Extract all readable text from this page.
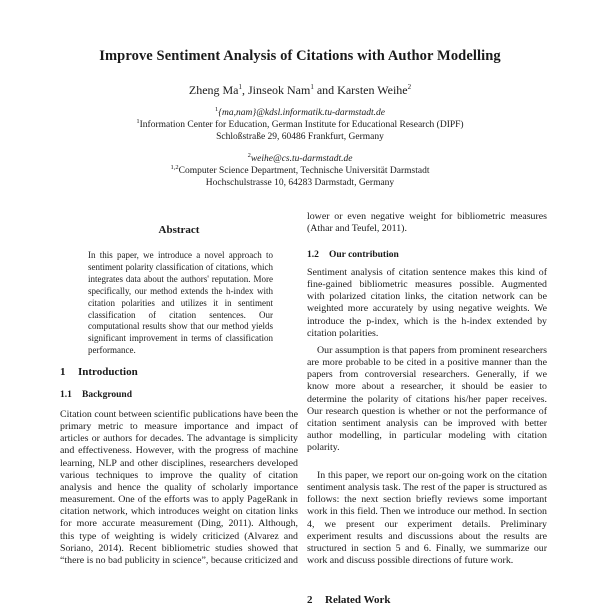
Improve Sentiment Analysis of Citations with Author Modelling
Zheng Ma$^1$, Jinseok Nam$^1$ and Karsten Weihe$^2$
$^1${ma,nam}@kdsl.informatik.tu-darmstadt.de
$^1$Information Center for Education, German Institute for Educational Research (DIPF)
Schloßstraße 29, 60486 Frankfurt, Germany
$^2$weihe@cs.tu-darmstadt.de
$^{1,2}$Computer Science Department, Technische Universität Darmstadt
Hochschulstrasse 10, 64283 Darmstadt, Germany
Abstract
In this paper, we introduce a novel approach to sentiment polarity classification of citations, which integrates data about the authors' reputation. More specifically, our method extends the h-index with citation polarities and utilizes it in sentiment classification of citation sentences. Our computational results show that our method yields significant improvement in terms of classification performance.
1 Introduction
1.1 Background
Citation count between scientific publications have been the primary metric to measure importance and impact of articles or authors for decades. The advantage is simplicity and effectiveness. However, with the progress of machine learning, NLP and other disciplines, researchers developed various techniques to improve the quality of citation analysis and hence the quality of scholarly importance measurement. One of the efforts was to apply PageRank in citation network, which introduces weight on citation links for more accurate measurement (Ding, 2011). Although, this type of weighting is widely criticized (Alvarez and Soriano, 2014). Recent bibliometric studies showed that “there is no bad publicity in science”, because criticized and
lower or even negative weight for bibliometric measures (Athar and Teufel, 2011).
1.2 Our contribution
Sentiment analysis of citation sentence makes this kind of fine-gained bibliometric measures possible. Augmented with polarized citation links, the citation network can be weighted more accurately by using negative weights. We introduce the p-index, which is the h-index extended by citation polarities.
Our assumption is that papers from prominent researchers are more probable to be cited in a positive manner than the papers from controversial researchers. Generally, if we know more about a researcher, it should be easier to determine the polarity of citations his/her paper receives. Our research question is whether or not the performance of citation sentiment analysis can be improved with better author modelling, in particular modeling with citation polarity.
In this paper, we report our on-going work on the citation sentiment analysis task. The rest of the paper is structured as follows: the next section briefly reviews some important work in this field. Then we introduce our method. In section 4, we present our experiment details. Preliminary experiment results and discussions about the results are structured in section 5 and 6. Finally, we summarize our work and discuss possible directions of future work.
2 Related Work
